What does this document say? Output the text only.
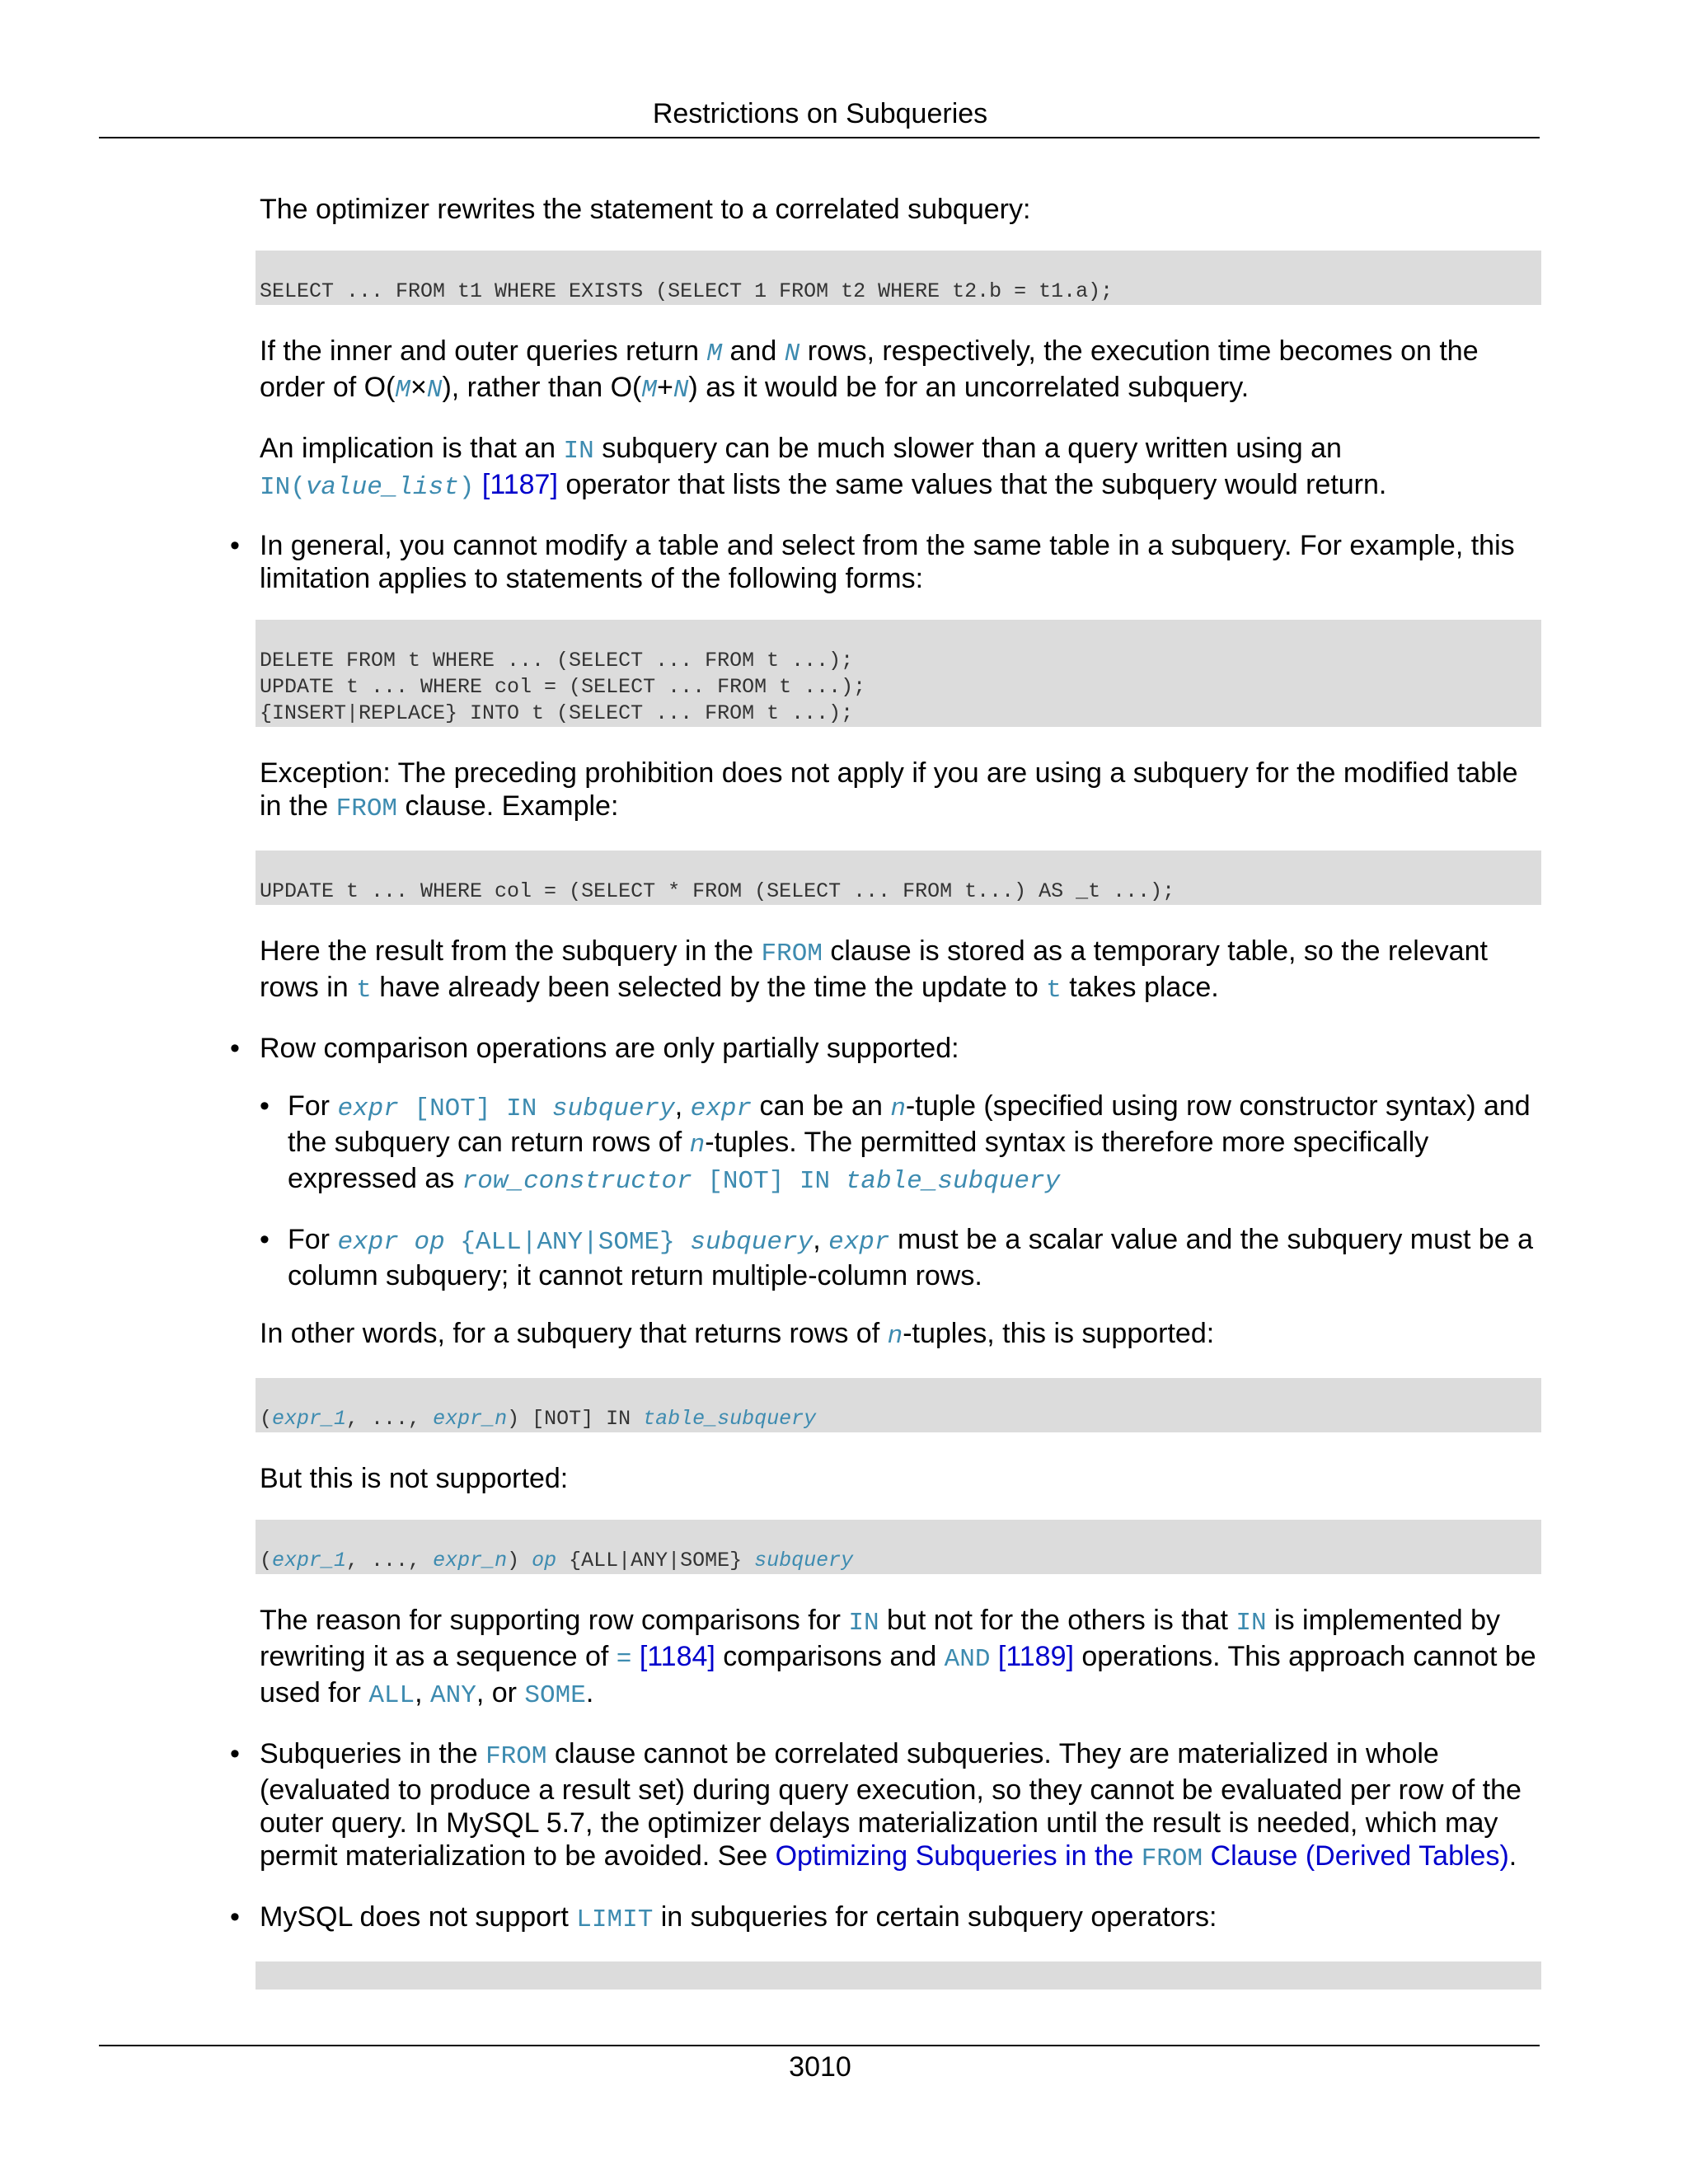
Restrictions on Subqueries

The optimizer rewrites the statement to a correlated subquery:

SELECT ... FROM t1 WHERE EXISTS (SELECT 1 FROM t2 WHERE t2.b = t1.a);

If the inner and outer queries return M and N rows, respectively, the execution time becomes on the order of O(M×N), rather than O(M+N) as it would be for an uncorrelated subquery.

An implication is that an IN subquery can be much slower than a query written using an IN(value_list) [1187] operator that lists the same values that the subquery would return.

• In general, you cannot modify a table and select from the same table in a subquery. For example, this limitation applies to statements of the following forms:

DELETE FROM t WHERE ... (SELECT ... FROM t ...);
UPDATE t ... WHERE col = (SELECT ... FROM t ...);
{INSERT|REPLACE} INTO t (SELECT ... FROM t ...);

Exception: The preceding prohibition does not apply if you are using a subquery for the modified table in the FROM clause. Example:

UPDATE t ... WHERE col = (SELECT * FROM (SELECT ... FROM t...) AS _t ...);

Here the result from the subquery in the FROM clause is stored as a temporary table, so the relevant rows in t have already been selected by the time the update to t takes place.

• Row comparison operations are only partially supported:

• For expr [NOT] IN subquery, expr can be an n-tuple (specified using row constructor syntax) and the subquery can return rows of n-tuples. The permitted syntax is therefore more specifically expressed as row_constructor [NOT] IN table_subquery

• For expr op {ALL|ANY|SOME} subquery, expr must be a scalar value and the subquery must be a column subquery; it cannot return multiple-column rows.

In other words, for a subquery that returns rows of n-tuples, this is supported:

(expr_1, ..., expr_n) [NOT] IN table_subquery

But this is not supported:

(expr_1, ..., expr_n) op {ALL|ANY|SOME} subquery

The reason for supporting row comparisons for IN but not for the others is that IN is implemented by rewriting it as a sequence of = [1184] comparisons and AND [1189] operations. This approach cannot be used for ALL, ANY, or SOME.

• Subqueries in the FROM clause cannot be correlated subqueries. They are materialized in whole (evaluated to produce a result set) during query execution, so they cannot be evaluated per row of the outer query. In MySQL 5.7, the optimizer delays materialization until the result is needed, which may permit materialization to be avoided. See Optimizing Subqueries in the FROM Clause (Derived Tables).

• MySQL does not support LIMIT in subqueries for certain subquery operators:

3010
